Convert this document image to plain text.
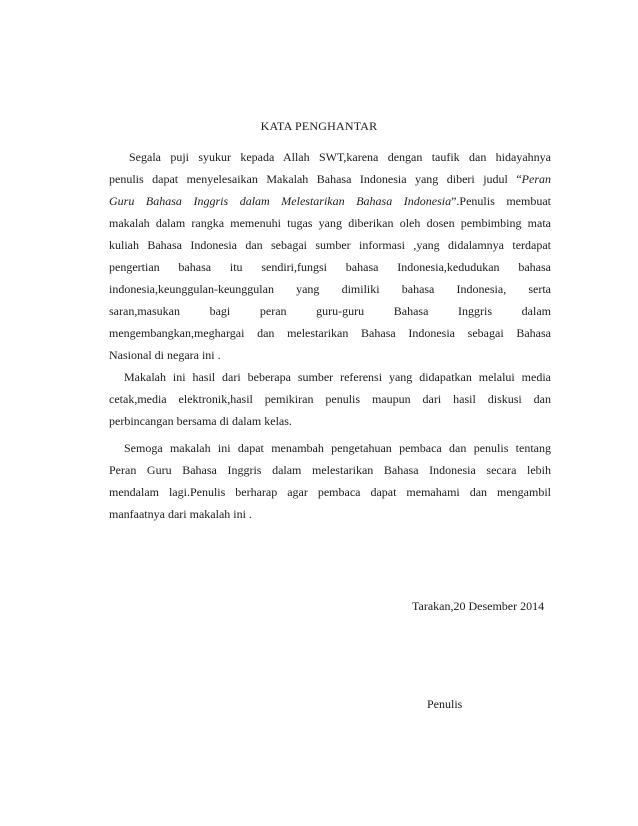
KATA PENGHANTAR
Segala puji syukur kepada Allah SWT,karena dengan taufik dan hidayahnya
penulis dapat menyelesaikan Makalah Bahasa Indonesia yang diberi judul “Peran
Guru Bahasa Inggris dalam Melestarikan Bahasa Indonesia”.Penulis membuat
makalah dalam rangka memenuhi tugas yang diberikan oleh dosen pembimbing mata
kuliah Bahasa Indonesia dan sebagai sumber informasi ,yang didalamnya terdapat
pengertian bahasa itu sendiri,fungsi bahasa Indonesia,kedudukan bahasa
indonesia,keunggulan-keunggulan yang dimiliki bahasa Indonesia, serta
saran,masukan bagi peran guru-guru Bahasa Inggris dalam
mengembangkan,meghargai dan melestarikan Bahasa Indonesia sebagai Bahasa
Nasional di negara ini .
Makalah ini hasil dari beberapa sumber referensi yang didapatkan melalui media
cetak,media elektronik,hasil pemikiran penulis maupun dari hasil diskusi dan
perbincangan bersama di dalam kelas.
Semoga makalah ini dapat menambah pengetahuan pembaca dan penulis tentang
Peran Guru Bahasa Inggris dalam melestarikan Bahasa Indonesia secara lebih
mendalam lagi.Penulis berharap agar pembaca dapat memahami dan mengambil
manfaatnya dari makalah ini .
Tarakan,20 Desember 2014
Penulis
